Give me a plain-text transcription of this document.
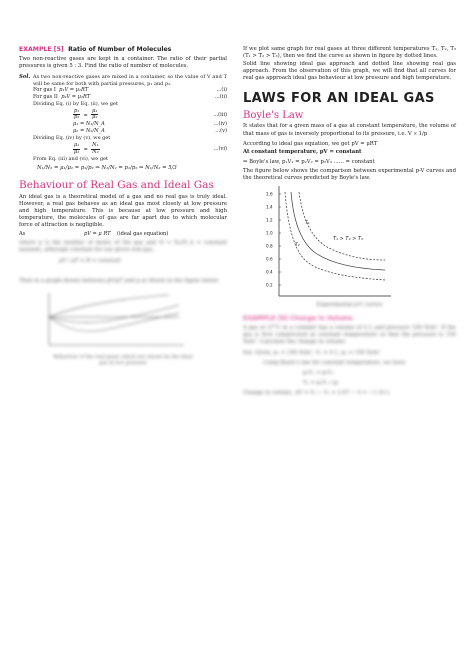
EXAMPLE [5] Ratio of Number of Molecules

Two non-reactive gases are kept in a container. The ratio of their partial pressures is given 5 : 3. Find the ratio of number of molecules.

Sol. As two non-reactive gases are mixed in a container, so the value of V and T will be same for both with partial pressures, p₁ and p₂.

For gas I p₁V = μ₁RT	...(i)
For gas II p₂V = μ₂RT	...(ii)
Dividing Eq. (i) by Eq. (ii), we get
$\frac{\text{p₁}}{\text{p₂}} = \frac{\text{μ₁}}{\text{μ₂}}$	...(iii)
μ₁ = N₁/N_A	...(iv)
μ₂ = N₂/N_A	...(v)
Dividing Eq. (iv) by (v), we get
$\frac{\text{μ₁}}{\text{μ₂}} = \frac{\text{N₁}}{\text{N₂}}$	...(vi)
From Eq. (iii) and (vi), we get
N₁/N₂ = μ₁/μ₂ = p₁/p₂ ⇒ N₁/N₂ = p₁/p₂ ⇒ N₁/N₂ = 5/3
Behaviour of Real Gas and Ideal Gas

An ideal gas is a theoretical model of a gas and no real gas is truly ideal. However, a real gas behaves as an ideal gas most closely at low pressure and high temperature. This is because at low pressure and high temperature, the molecules of gas are far apart due to which molecular force of attraction is negligible.

As	pV = μ RT (ideal gas equation)

where μ is the number of moles of the gas and N = N₀/N_A = constant moment, although constant for our given real gas.

pV / μT = R = constant

Then in a graph drawn between pV/μT and p as drawn in the figure below.

Behaviour of the real gases which are shown by the ideal gas at low pressure

If we plot same graph for real gases at three different temperatures T₁, T₂, T₃ (T₁ > T₂ > T₃), then we find the curve as shown in figure by dotted lines.

Solid line showing ideal gas approach and dotted line showing real gas approach. From the observation of this graph, we will find that all curves for real gas approach ideal gas behaviour at low pressure and high temperature.

LAWS FOR AN IDEAL GAS
Boyle's Law

It states that for a given mass of a gas at constant temperature, the volume of that mass of gas is inversely proportional to its pressure, i.e. V ∝ 1/p

According to ideal gas equation, we get pV = μRT
At constant temperature, pV = constant
⇒ Boyle's law, p₁V₁ = p₂V₂ = p₃V₃ ...... = constant

The figure below shows the comparison between experimental p-V curves and the theoretical curves predicted by Boyle's law.

1.6
1.4
1.2
1.0
0.8
0.6
0.4
0.2
T₁ > T₂ > T₃
T₁
T₂
Experimental p-V curves
EXAMPLE [6] Change in Volume

A gas at 27°C in a cylinder has a volume of 4 L and pressure 100 N/m². If the gas is first compressed at constant temperature so that the pressure is 150 N/m². Calculate the change in volume.

Sol. Given, p₁ = 100 N/m², V₁ = 4 L, p₂ = 150 N/m²
Using Boyle's law for constant temperature, we have
p₁V₁ = p₂V₂
V₂ = p₁V₁ / p₂
Change in volume, ΔV = V₂ − V₁ = 2.67 − 4 = −1.33 L
